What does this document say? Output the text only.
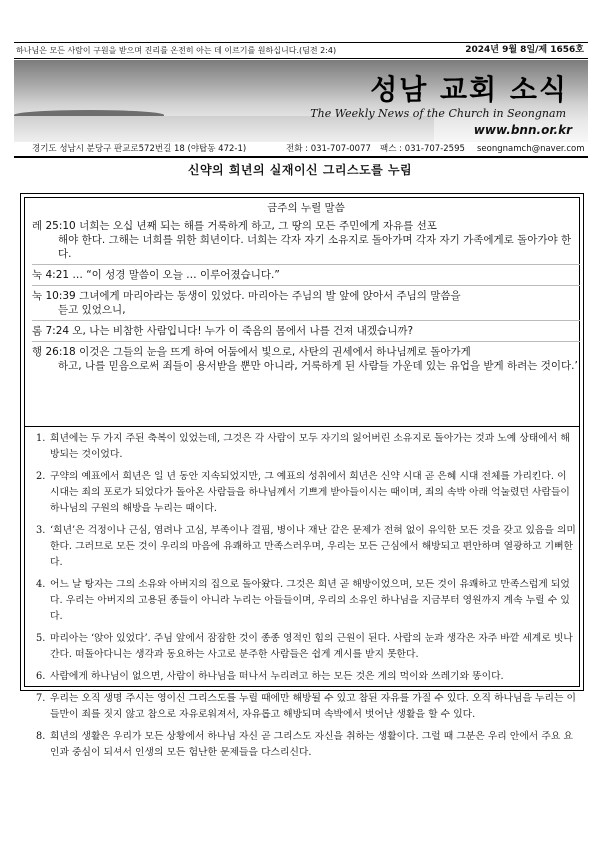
하나님은 모든 사람이 구원을 받으며 진리를 온전히 아는 데 이르기를 원하십니다.(딤전 2:4)	2024년 9월 8일/제 1656호
성남 교회 소식
The Weekly News of the Church in Seongnam
www.bnn.or.kr
경기도 성남시 분당구 판교로572번길 18 (야탑동 472-1)	전화 : 031-707-0077 팩스 : 031-707-2595 seongnamch@naver.com
신약의 희년의 실재이신 그리스도를 누림
금주의 누릴 말씀
레 25:10 너희는 오십 년째 되는 해를 거룩하게 하고, 그 땅의 모든 주민에게 자유를 선포
해야 한다. 그해는 너희를 위한 희년이다. 너희는 각자 자기 소유지로 돌아가며 각자 자기 가족에게로 돌아가야 한다.
눅 4:21 … “이 성경 말씀이 오늘 … 이루어졌습니다.”
눅 10:39 그녀에게 마리아라는 동생이 있었다. 마리아는 주님의 발 앞에 앉아서 주님의 말씀을
듣고 있었으니,
롬 7:24 오, 나는 비참한 사람입니다! 누가 이 죽음의 몸에서 나를 건져 내겠습니까?
행 26:18 이것은 그들의 눈을 뜨게 하여 어둠에서 빛으로, 사탄의 권세에서 하나님께로 돌아가게
하고, 나를 믿음으로써 죄들이 용서받을 뿐만 아니라, 거룩하게 된 사람들 가운데 있는 유업을 받게 하려는 것이다.’
1. 희년에는 두 가지 주된 축복이 있었는데, 그것은 각 사람이 모두 자기의 잃어버린 소유지로 돌아가는 것과 노예 상태에서 해방되는 것이었다.
2. 구약의 예표에서 희년은 일 년 동안 지속되었지만, 그 예표의 성취에서 희년은 신약 시대 곧 은혜 시대 전체를 가리킨다. 이 시대는 죄의 포로가 되었다가 돌아온 사람들을 하나님께서 기쁘게 받아들이시는 때이며, 죄의 속박 아래 억눌렸던 사람들이 하나님의 구원의 해방을 누리는 때이다.
3. ‘희년’은 걱정이나 근심, 염려나 고심, 부족이나 결핍, 병이나 재난 같은 문제가 전혀 없이 유익한 모든 것을 갖고 있음을 의미한다. 그러므로 모든 것이 우리의 마음에 유쾌하고 만족스러우며, 우리는 모든 근심에서 해방되고 편안하며 열광하고 기뻐한다.
4. 어느 날 탕자는 그의 소유와 아버지의 집으로 돌아왔다. 그것은 희년 곧 해방이었으며, 모든 것이 유쾌하고 만족스럽게 되었다. 우리는 아버지의 고용된 종들이 아니라 누리는 아들들이며, 우리의 소유인 하나님을 지금부터 영원까지 계속 누릴 수 있다.
5. 마리아는 ‘앉아 있었다’. 주님 앞에서 잠잠한 것이 종종 영적인 힘의 근원이 된다. 사람의 눈과 생각은 자주 바깥 세계로 빗나간다. 떠돌아다니는 생각과 동요하는 사고로 분주한 사람들은 쉽게 계시를 받지 못한다.
6. 사람에게 하나님이 없으면, 사람이 하나님을 떠나서 누리려고 하는 모든 것은 게의 먹이와 쓰레기와 똥이다.
7. 우리는 오직 생명 주시는 영이신 그리스도를 누릴 때에만 해방될 수 있고 참된 자유를 가질 수 있다. 오직 하나님을 누리는 이들만이 죄를 짓지 않고 참으로 자유로워져서, 자유롭고 해방되며 속박에서 벗어난 생활을 할 수 있다.
8. 희년의 생활은 우리가 모든 상황에서 하나님 자신 곧 그리스도 자신을 취하는 생활이다. 그럴 때 그분은 우리 안에서 주요 요인과 중심이 되셔서 인생의 모든 험난한 문제들을 다스리신다.
